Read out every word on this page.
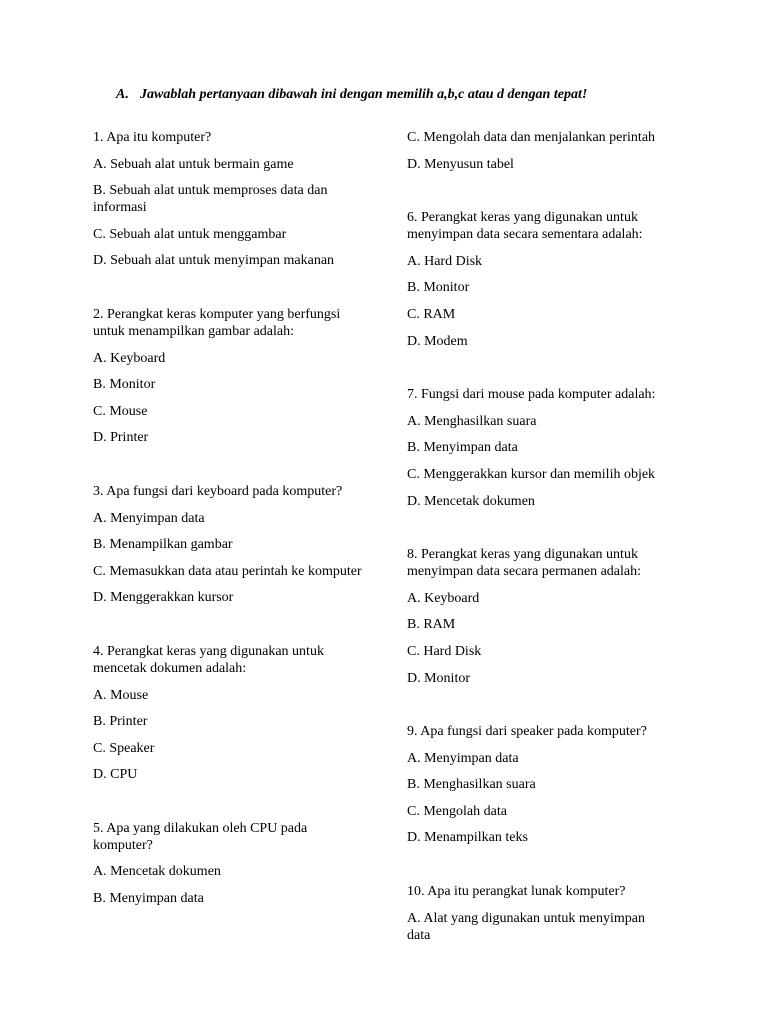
A. Jawablah pertanyaan dibawah ini dengan memilih a,b,c atau d dengan tepat!
1. Apa itu komputer?
A. Sebuah alat untuk bermain game
B. Sebuah alat untuk memproses data dan informasi
C. Sebuah alat untuk menggambar
D. Sebuah alat untuk menyimpan makanan
2. Perangkat keras komputer yang berfungsi untuk menampilkan gambar adalah:
A. Keyboard
B. Monitor
C. Mouse
D. Printer
3. Apa fungsi dari keyboard pada komputer?
A. Menyimpan data
B. Menampilkan gambar
C. Memasukkan data atau perintah ke komputer
D. Menggerakkan kursor
4. Perangkat keras yang digunakan untuk mencetak dokumen adalah:
A. Mouse
B. Printer
C. Speaker
D. CPU
5. Apa yang dilakukan oleh CPU pada komputer?
A. Mencetak dokumen
B. Menyimpan data
C. Mengolah data dan menjalankan perintah
D. Menyusun tabel
6. Perangkat keras yang digunakan untuk menyimpan data secara sementara adalah:
A. Hard Disk
B. Monitor
C. RAM
D. Modem
7. Fungsi dari mouse pada komputer adalah:
A. Menghasilkan suara
B. Menyimpan data
C. Menggerakkan kursor dan memilih objek
D. Mencetak dokumen
8. Perangkat keras yang digunakan untuk menyimpan data secara permanen adalah:
A. Keyboard
B. RAM
C. Hard Disk
D. Monitor
9. Apa fungsi dari speaker pada komputer?
A. Menyimpan data
B. Menghasilkan suara
C. Mengolah data
D. Menampilkan teks
10. Apa itu perangkat lunak komputer?
A. Alat yang digunakan untuk menyimpan data
